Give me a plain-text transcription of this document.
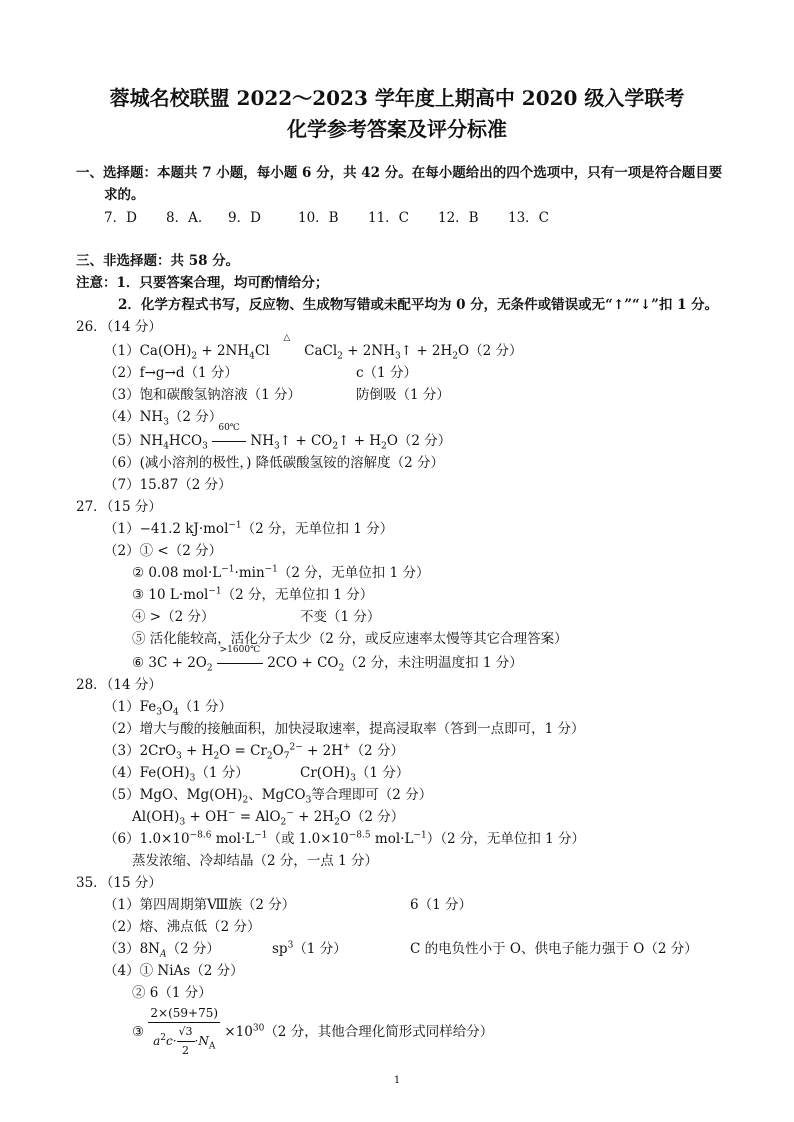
蓉城名校联盟 2022～2023 学年度上期高中 2020 级入学联考
化学参考答案及评分标准
一、选择题：本题共 7 小题，每小题 6 分，共 42 分。在每小题给出的四个选项中，只有一项是符合题目要
求的。
7．D 8．A. 9．D	10．B 11．C 12．B 13．C
三、非选择题：共 58 分。
注意：1．只要答案合理，均可酌情给分；
2．化学方程式书写，反应物、生成物写错或未配平均为 0 分，无条件或错误或无“↑”“↓”扣 1 分。
26．（14 分）
$(1)Ca(OH)_2 + 2NH_4Cl$
△
CaCl$_2$ + $2NH_3↑ + 2H_2O(2$ 分）
（2）f→g→d（1 分）	c（1 分）
（3）饱和碳酸氢钠溶液（1 分）	防倒吸（1 分）
$(4)NH_3(2$ 分）
$(5)NH_4HCO_3$
60℃
$NH_3↑$ + $CO_2↑ + H_2O(2$ 分）
（6）(减小溶剂的极性，) 降低碳酸氢铵的溶解度（2 分）
（7）15.87（2 分）
27．（15 分）
（1）−41.2 kJ·mol$^{-1}$（2 分，无单位扣 1 分）
（2）① <（2 分）
② 0.08 $mol\cdot L^{-1}\cdot\min^{-1}(2$ 分，无单位扣 1 分）
③ 10 L·mol$^{-1}$（2 分，无单位扣 1 分）
④ >（2 分）	不变（1 分）
⑤ 活化能较高，活化分子太少（2 分，或反应速率太慢等其它合理答案）
⑥ $3C + 2O_2$
>1600℃
$2CO + CO_2(2$ 分，未注明温度扣 1 分）
28．（14 分）
$(1)Fe_3O_4(1$ 分）
（2）增大与酸的接触面积，加快浸取速率，提高浸取率（答到一点即可，1 分）
$(3)2CrO_3 + H_2O = Cr_2O_7^{2-} + 2H^+(2$ 分）
$(4)Fe(OH)_3(1$ 分）	$Cr(OH)_3(1$ 分）
（5）MgO、$Mg(OH)_2$、MgCO$_3$等合理即可（2 分）
$Al(OH)_3 + OH^- = AlO_2^- + 2H_2O(2$ 分）
$(6)1.0\times 10^{-8.6}$ $mol\cdot L^{-1}$（或 $1.0\times 10^{-8.5}$ $mol\cdot L^{-1})(2$ 分，无单位扣 1 分）
蒸发浓缩、冷却结晶（2 分，一点 1 分）
35．（15 分）
（1）第四周期第Ⅷ族（2 分）	6（1 分）
（2）熔、沸点低（2 分）
$(3)8N_A(2$ 分）	$sp^3(1$ 分）	C 的电负性小于 O、供电子能力强于 O（2 分）
（4）① NiAs（2 分）
② 6（1 分）
③ $\frac{2\times(59+75)}{a^2c\cdot \frac{√3}{2} \cdot N_A} \times 10^{30}(2$ 分，其他合理化简形式同样给分）
1
